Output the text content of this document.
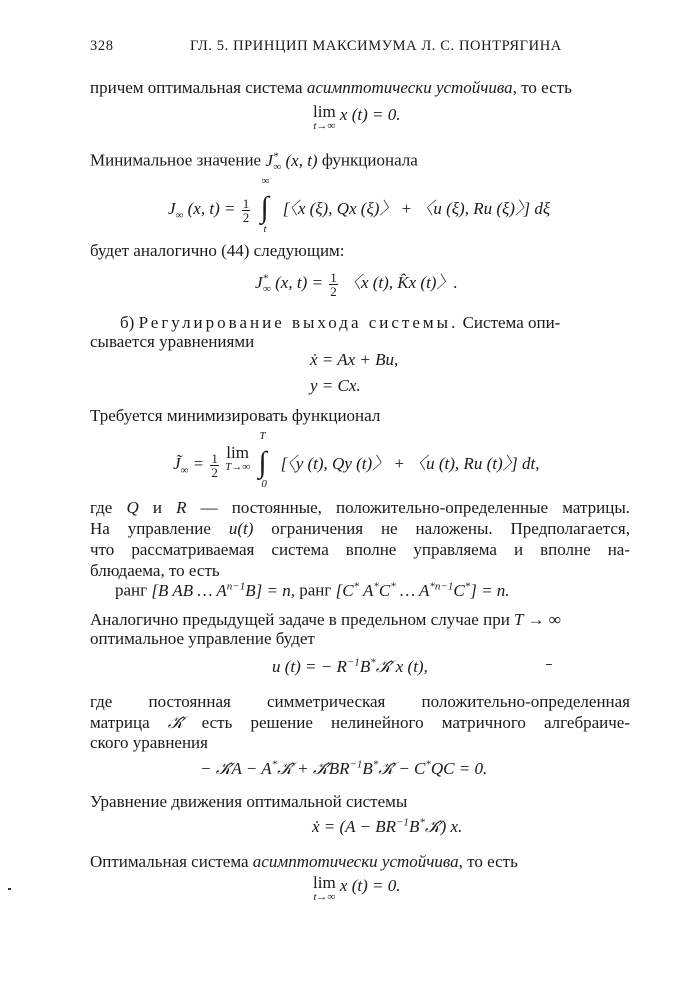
328	ГЛ. 5. ПРИНЦИП МАКСИМУМА Л. С. ПОНТРЯГИНА
причем оптимальная система асимптотически устойчива, то есть
lim
t→∞
x (t) = 0.
Минимальное значение $J^*_\infty$ (x, t) функционала
$J_\infty$ (x, $t) = \frac{1}{2}$
∫
∞
t
[〈x (ξ), Qx (ξ)〉 + 〈u (ξ), Ru (ξ)〉] dξ
будет аналогично (44) следующим:
$J^*_\infty$ (x, $t) = \frac{1}{2}$ 〈x (t), K̂x (t)〉.
б) Регулирование выхода системы. Система опи-
сывается уравнениями
ẋ = Ax + Bu,
y = Cx.
Требуется минимизировать функционал
$J̃_\infty = \frac{1}{2}$ lim
T→∞
∫
T
0
[〈y (t), Qy (t)〉 + 〈u (t), Ru (t)〉] dt,
где Q и R — постоянные, положительно-определенные матрицы.
На управление u(t) ограничения не наложены. Предполагается,
что рассматриваемая система вполне управляема и вполне на-
блюдаема, то есть
ранг [B AB … $A^{n-1}B] = n$, ранг [C* A*C* … $A^{*n-1}C^*] = n$.
Аналогично предыдущей задаче в предельном случае при T → ∞
оптимальное управление будет
u (t) = − $R^{-1}B^*𝒦̂$ x (t),
где постоянная симметрическая положительно-определенная
матрица 𝒦̂ есть решение нелинейного матричного алгебраиче-
ского уравнения
− 𝒦̂A − A*𝒦̂ + $𝒦̂BR^{-1}B^*𝒦̂ - C^*QC = 0$.
Уравнение движения оптимальной системы
ẋ = $(A - BR^{-1}B^*𝒦̂)$ x.
Оптимальная система асимптотически устойчива, то есть
lim
t→∞
x (t) = 0.
